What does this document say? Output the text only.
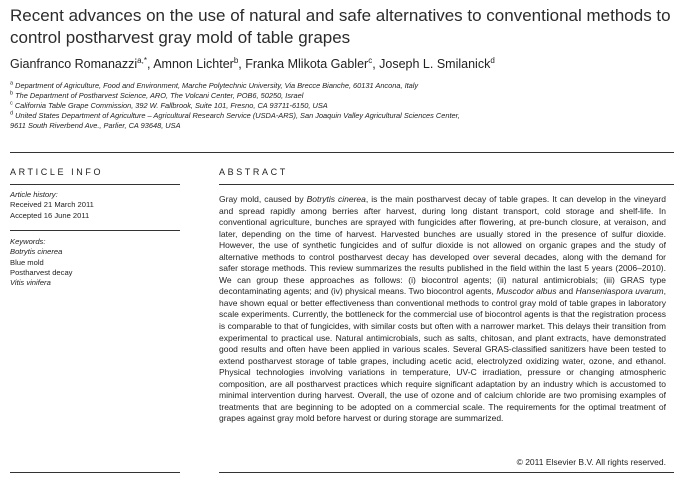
Recent advances on the use of natural and safe alternatives to conventional methods to control postharvest gray mold of table grapes
Gianfranco Romanazzi$^{a,*}$, Amnon Lichter$^b$, Franka Mlikota Gabler$^c$, Joseph L. Smilanick$^d$
$^a$ Department of Agriculture, Food and Environment, Marche Polytechnic University, Via Brecce Bianche, 60131 Ancona, Italy
$^b$ The Department of Postharvest Science, ARO, The Volcani Center, POB6, 50250, Israel
$^c$ California Table Grape Commission, 392 W. Fallbrook, Suite 101, Fresno, CA 93711-6150, USA
$^d$ United States Department of Agriculture – Agricultural Research Service (USDA-ARS), San Joaquin Valley Agricultural Sciences Center,
9611 South Riverbend Ave., Parlier, CA 93648, USA
ARTICLE INFO	ABSTRACT
Article history:
Received 21 March 2011
Accepted 16 June 2011
Keywords:
Botrytis cinerea
Blue mold
Postharvest decay
Vitis vinifera

Gray mold, caused by Botrytis cinerea, is the main postharvest decay of table grapes. It can develop in the vineyard and spread rapidly among berries after harvest, during long distant transport, cold storage and shelf-life. In conventional agriculture, bunches are sprayed with fungicides after flowering, at pre-bunch closure, at veraison, and later, depending on the time of harvest. Harvested bunches are usually stored in the presence of sulfur dioxide. However, the use of synthetic fungicides and of sulfur dioxide is not allowed on organic grapes and the study of alternative methods to control postharvest decay has developed over several decades, along with the demand for safer storage methods. This review summarizes the results published in the field within the last 5 years (2006–2010). We can group these approaches as follows: (i) biocontrol agents; (ii) natural antimicrobials; (iii) GRAS type decontaminating agents; and (iv) physical means. Two biocontrol agents, Muscodor albus and Hanseniaspora uvarum, have shown equal or better effectiveness than conventional methods to control gray mold of table grapes in laboratory scale experiments. Currently, the bottleneck for the commercial use of biocontrol agents is that the registration process is comparable to that of fungicides, with similar costs but often with a narrower market. This delays their transition from experimental to practical use. Natural antimicrobials, such as salts, chitosan, and plant extracts, have demonstrated good results and often have been applied in various scales. Several GRAS-classified sanitizers have been tested to extend postharvest storage of table grapes, including acetic acid, electrolyzed oxidizing water, ozone, and ethanol. Physical technologies involving variations in temperature, UV-C irradiation, pressure or changing atmospheric composition, are all postharvest practices which require significant adaptation by an industry which is accustomed to minimal intervention during harvest. Overall, the use of ozone and of calcium chloride are two promising examples of treatments that are beginning to be adopted on a commercial scale. The requirements for the optimal treatment of grapes against gray mold before harvest or during storage are summarized.

© 2011 Elsevier B.V. All rights reserved.
